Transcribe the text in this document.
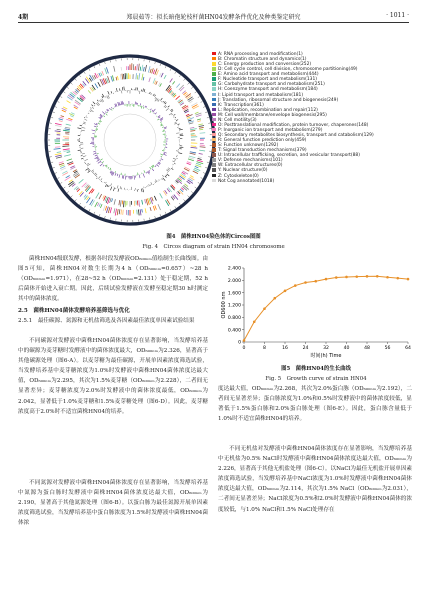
4期	郑晨茹等：拟长暗孢轮枝杆菌HN04发酵条件优化及种类鉴定研究	· 1011 ·
A: RNA processing and modification(1)
B: Chromatin structure and dynamics(1)
C: Energy production and conversion(252)
D: Cell cycle control, cell division, chromosome partitioning(49)
E: Amino acid transport and metabolism(444)
F: Nucleotide transport and metabolism(131)
G: Carbohydrate transport and metabolism(251)
H: Coenzyme transport and metabolism(184)
I: Lipid transport and metabolism(181)
J: Translation, ribosomal structure and biogenesis(249)
K: Transcription(361)
L: Replication, recombination and repair(112)
M: Cell wall/membrane/envelope biogenesis(295)
N: Cell motility(3)
O: Posttranslational modification, protein turnover, chaperones(148)
P: Inorganic ion transport and metabolism(279)
Q: Secondary metabolites biosynthesis, transport and catabolism(129)
R: General function prediction only(459)
S: Function unknown(1292)
T: Signal transduction mechanisms(379)
U: Intracellular trafficking, secretion, and vesicular transport(88)
V: Defense mechanisms(101)
W: Extracellular structures(0)
Y: Nuclear structure(0)
Z: Cytoskeleton(0)
Not Cog annotated(1018)
图4　菌株HN04染色体的Circos图图
Fig. 4　Circos diagram of strain HN04 chromosome
菌株HN04级联发酵，根据各时段发酵液OD₆₀₀ₙₘ值绘制生长曲线图。由图5可知，菌株HN04对数生长期为4 h（OD₆₀₀ₙₘ=0.657）~28 h（OD₆₀₀ₙₘ=1.971），在28~52 h（OD₆₀₀ₙₘ=2.131）处于稳定期，52 h后菌体开始进入衰亡期。因此，后续试验发酵液在发酵至稳定期30 h时测定其中的菌体浓度。
2.5　菌株HN04菌体发酵培养基筛选与优化
2.5.1　最佳碳源、氮源和无机盐筛选及各因素最佳浓度单因素试验结果
不同碳源对发酵液中菌株HN04菌体浓度存在显著影响，当发酵培养基中的碳源为麦芽糖时发酵液中的菌体浓度最大，OD₆₀₀ₙₘ为2.326，显著高于其他碳源处理（图6-A）。以麦芽糖为最佳碳源，开展单因素浓度筛选试验，当发酵培养基中麦芽糖浓度为1.0%时发酵液中菌株HN04菌体浓度达最大值，OD₆₀₀ₙₘ为2.295，其次为1.5%麦芽糖（OD₆₀₀ₙₘ为2.228），二者间无显著差异；麦芽糖浓度为2.0%时发酵液中的菌体浓度最低，OD₆₀₀ₙₘ为2.042，显著低于1.0%麦芽糖和1.5%麦芽糖处理（图6-D）。因此，麦芽糖浓度高于2.0%时不适宜菌株HN04的培养。
不同氮源对发酵液中菌株HN04菌体浓度存在显著影响，当发酵培养基中氮源为蛋白胨时发酵液中菌株HN04菌体浓度达最大值，OD₆₀₀ₙₘ为2.190，显著高于其他氮源处理（图6-B）。以蛋白胨为最佳氮源开展单因素浓度筛选试验，当发酵培养基中蛋白胨浓度为1.5%时发酵液中菌株HN04菌体浓
0
0.400
0.800
1.200
1.600
2.000
2.400
0	8	16	24	32	40	48	56	64
时间(h) Time
OD600 nm
图5　菌株HN04的生长曲线
Fig. 5　Growth curve of strain HN04
度达最大值，OD₆₀₀ₙₘ为2.268，其次为2.0%蛋白胨（OD₆₀₀ₙₘ为2.192），二者间无显著差异；蛋白胨浓度为1.0%和0.5%时发酵液中的菌体浓度较低，显著低于1.5%蛋白胨和2.0%蛋白胨处理（图6-E）。因此，蛋白胨含量低于1.0%时不适宜菌株HN04的培养。
不同无机盐对发酵液中菌株HN04菌体浓度存在显著影响，当发酵培养基中无机盐为0.5% NaCl时发酵液中菌株HN04菌体浓度达最大值，OD₆₀₀ₙₘ为2.226，显著高于其他无机盐处理（图6-C）。以NaCl为最佳无机盐开展单因素浓度筛选试验，当发酵培养基中NaCl浓度为1.0%时发酵液中菌株HN04菌体浓度达最大值，OD₆₀₀ₙₘ为2.114，其次为1.5% NaCl（OD₆₀₀ₙₘ为2.031），二者间无显著差异；NaCl浓度为0.5%和2.0%时发酵液中菌株HN04菌体的浓度较低，与1.0% NaCl和1.5% NaCl处理存在
